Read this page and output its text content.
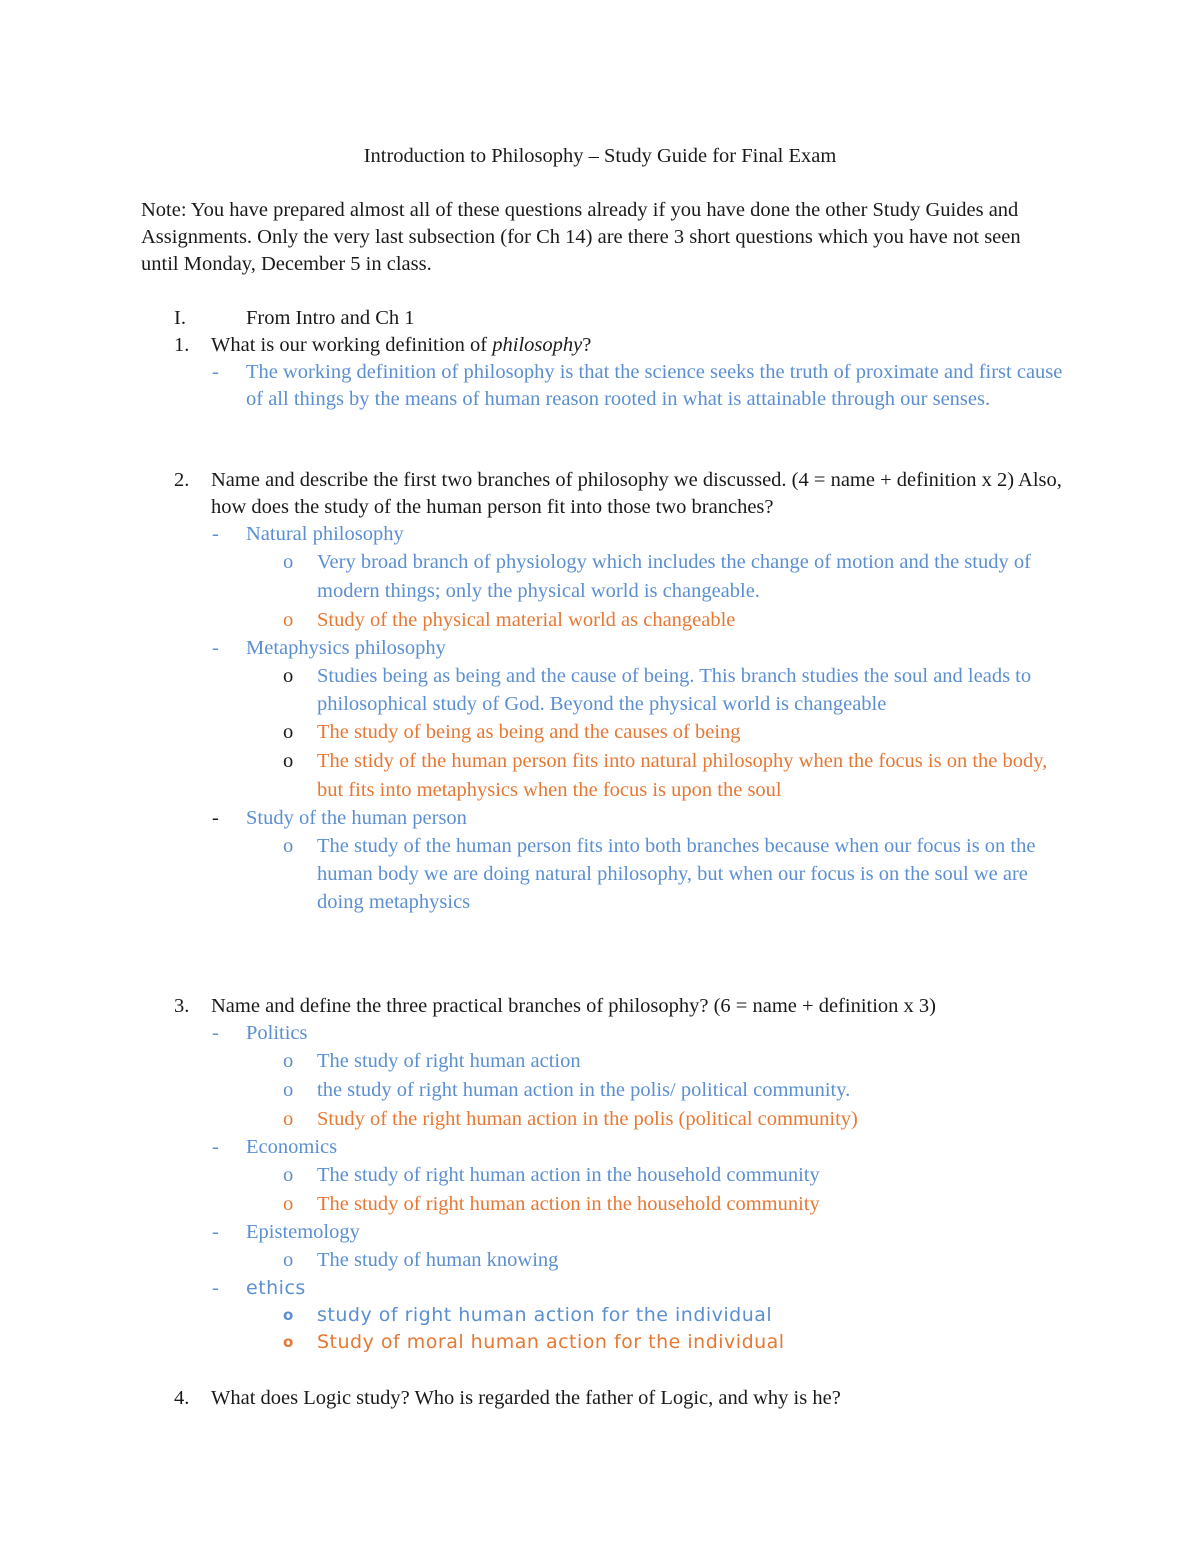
Introduction to Philosophy – Study Guide for Final Exam
Note: You have prepared almost all of these questions already if you have done the other Study Guides and Assignments. Only the very last subsection (for Ch 14) are there 3 short questions which you have not seen until Monday, December 5 in class.
I.	From Intro and Ch 1
1. What is our working definition of philosophy?
- The working definition of philosophy is that the science seeks the truth of proximate and first cause of all things by the means of human reason rooted in what is attainable through our senses.
2. Name and describe the first two branches of philosophy we discussed. (4 = name + definition x 2) Also, how does the study of the human person fit into those two branches?
- Natural philosophy
o Very broad branch of physiology which includes the change of motion and the study of modern things; only the physical world is changeable.
o Study of the physical material world as changeable
- Metaphysics philosophy
o Studies being as being and the cause of being. This branch studies the soul and leads to philosophical study of God. Beyond the physical world is changeable
o The study of being as being and the causes of being
o The stidy of the human person fits into natural philosophy when the focus is on the body, but fits into metaphysics when the focus is upon the soul
- Study of the human person
o The study of the human person fits into both branches because when our focus is on the human body we are doing natural philosophy, but when our focus is on the soul we are doing metaphysics
3. Name and define the three practical branches of philosophy? (6 = name + definition x 3)
- Politics
o The study of right human action
o the study of right human action in the polis/ political community.
o Study of the right human action in the polis (political community)
- Economics
o The study of right human action in the household community
o The study of right human action in the household community
- Epistemology
o The study of human knowing
- ethics
o study of right human action for the individual
o Study of moral human action for the individual
4. What does Logic study? Who is regarded the father of Logic, and why is he?
